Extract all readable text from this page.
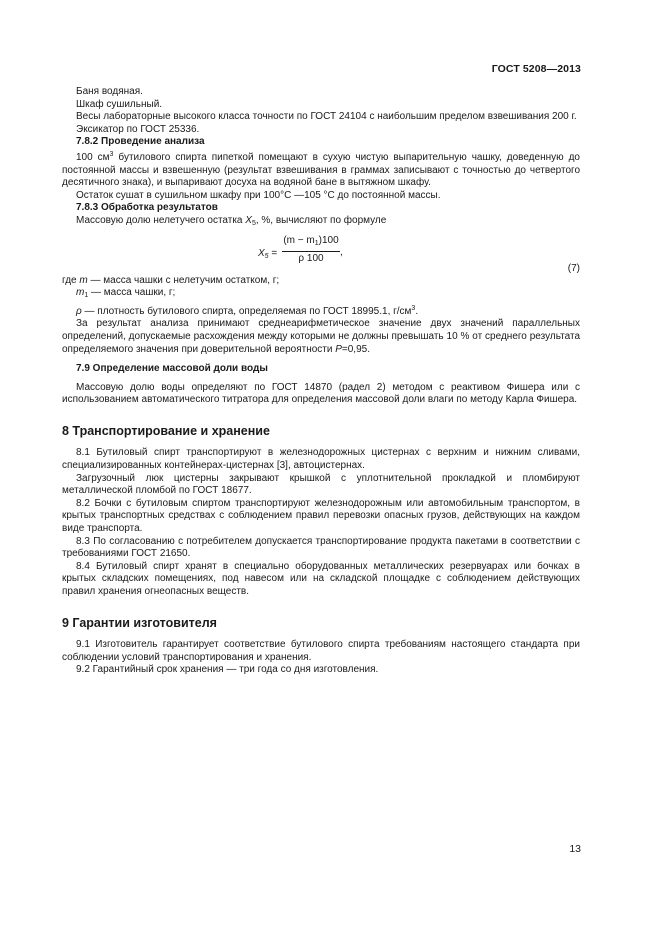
ГОСТ 5208—2013

Баня водяная.

Шкаф сушильный.

Весы лабораторные высокого класса точности по ГОСТ 24104 с наибольшим пределом взвешивания 200 г.

Эксикатор по ГОСТ 25336.

7.8.2 Проведение анализа

100 $см^3$ бутилового спирта пипеткой помещают в сухую чистую выпарительную чашку, доведенную до постоянной массы и взвешенную (результат взвешивания в граммах записывают с точностью до четвертого десятичного знака), и выпаривают досуха на водяной бане в вытяжном шкафу.

Остаток сушат в сушильном шкафу при 100°С —105 °С до постоянной массы.

7.8.3 Обработка результатов

Массовую долю нелетучего остатка $X_5$, %, вычисляют по формуле

$X_5 = \frac{(m - m_1)100}{\rho 100}$ ,
(7)

где m — масса чашки с нелетучим остатком, г;

$m_1$ — масса чашки, г;

ρ — плотность бутилового спирта, определяемая по ГОСТ 18995.1, $г/см^3$.

За результат анализа принимают среднеарифметическое значение двух значений параллельных определений, допускаемые расхождения между которыми не должны превышать 10 % от среднего результата определяемого значения при доверительной вероятности P=0,95.

7.9 Определение массовой доли воды

Массовую долю воды определяют по ГОСТ 14870 (радел 2) методом с реактивом Фишера или с использованием автоматического титратора для определения массовой доли влаги по методу Карла Фишера.

8 Транспортирование и хранение

8.1 Бутиловый спирт транспортируют в железнодорожных цистернах с верхним и нижним сливами, специализированных контейнерах-цистернах [3], автоцистернах.

Загрузочный люк цистерны закрывают крышкой с уплотнительной прокладкой и пломбируют металлической пломбой по ГОСТ 18677.

8.2 Бочки с бутиловым спиртом транспортируют железнодорожным или автомобильным транспортом, в крытых транспортных средствах с соблюдением правил перевозки опасных грузов, действующих на каждом виде транспорта.

8.3 По согласованию с потребителем допускается транспортирование продукта пакетами в соответствии с требованиями ГОСТ 21650.

8.4 Бутиловый спирт хранят в специально оборудованных металлических резервуарах или бочках в крытых складских помещениях, под навесом или на складской площадке с соблюдением действующих правил хранения огнеопасных веществ.

9 Гарантии изготовителя

9.1 Изготовитель гарантирует соответствие бутилового спирта требованиям настоящего стандарта при соблюдении условий транспортирования и хранения.

9.2 Гарантийный срок хранения — три года со дня изготовления.

13
